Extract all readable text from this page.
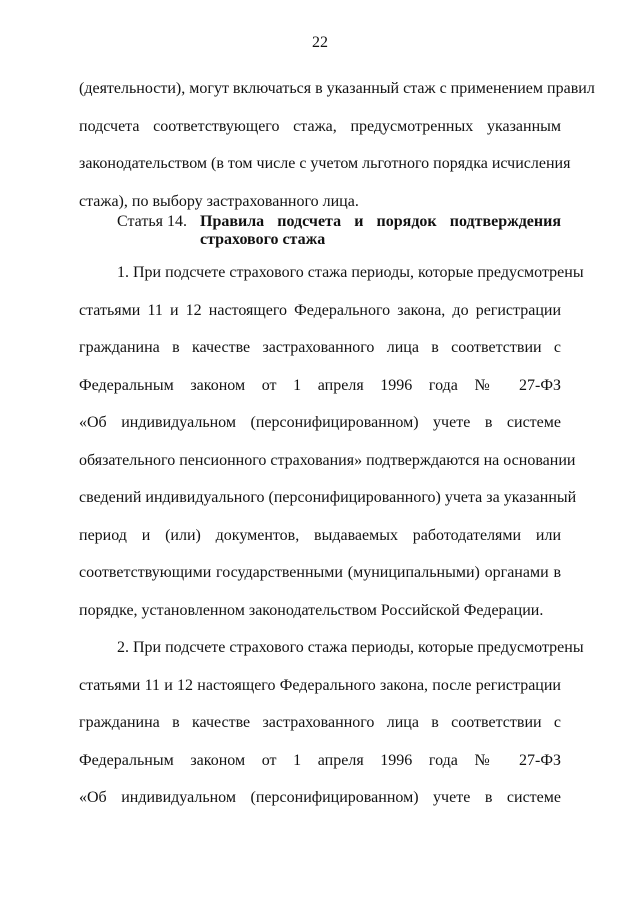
22
(деятельности), могут включаться в указанный стаж с применением правил
подсчета соответствующего стажа, предусмотренных указанным
законодательством (в том числе с учетом льготного порядка исчисления
стажа), по выбору застрахованного лица.
Статья 14. Правила подсчета и порядок подтверждения
страхового стажа
1. При подсчете страхового стажа периоды, которые предусмотрены
статьями 11 и 12 настоящего Федерального закона, до регистрации
гражданина в качестве застрахованного лица в соответствии с
Федеральным законом от 1 апреля 1996 года № 27-ФЗ
«Об индивидуальном (персонифицированном) учете в системе
обязательного пенсионного страхования» подтверждаются на основании
сведений индивидуального (персонифицированного) учета за указанный
период и (или) документов, выдаваемых работодателями или
соответствующими государственными (муниципальными) органами в
порядке, установленном законодательством Российской Федерации.
2. При подсчете страхового стажа периоды, которые предусмотрены
статьями 11 и 12 настоящего Федерального закона, после регистрации
гражданина в качестве застрахованного лица в соответствии с
Федеральным законом от 1 апреля 1996 года № 27-ФЗ
«Об индивидуальном (персонифицированном) учете в системе
